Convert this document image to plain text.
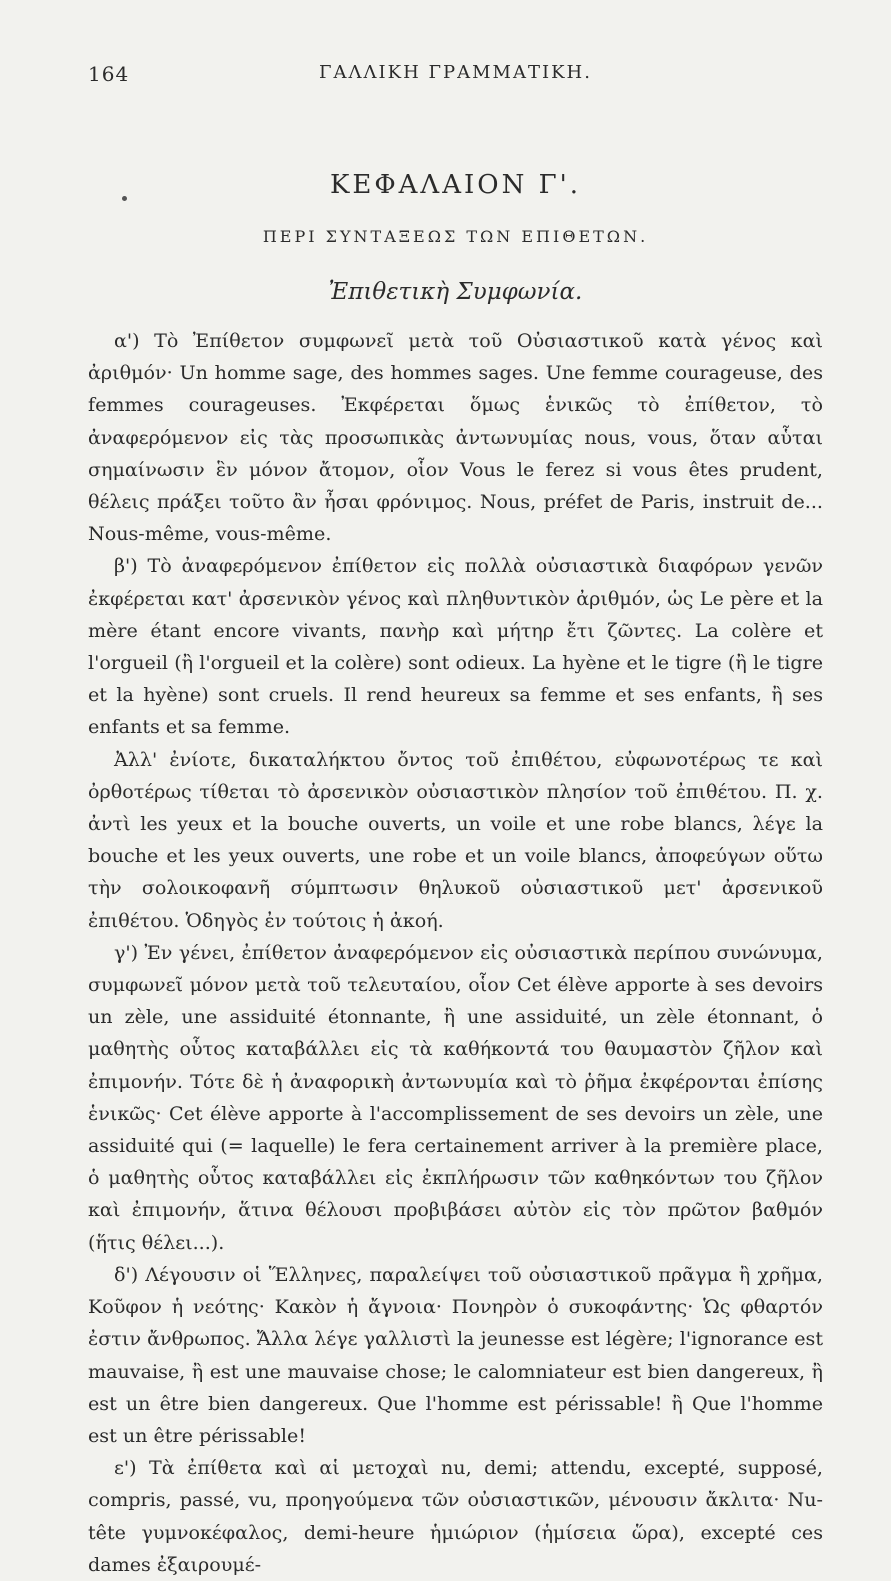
164	ΓΑΛΛΙΚΗ ΓΡΑΜΜΑΤΙΚΗ.
ΚΕΦΑΛΑΙΟΝ Γ'.
ΠΕΡΙ ΣΥΝΤΑΞΕΩΣ ΤΩΝ ΕΠΙΘΕΤΩΝ.
Ἐπιθετικὴ Συμφωνία.

α') Τὸ Ἐπίθετον συμφωνεῖ μετὰ τοῦ Οὐσιαστικοῦ κατὰ γένος καὶ ἀριθμόν· Un homme sage, des hommes sages. Une femme courageuse, des femmes courageuses. Ἐκφέρεται ὅμως ἑνικῶς τὸ ἐπίθετον, τὸ ἀναφερόμενον εἰς τὰς προσωπικὰς ἀντωνυμίας nous, vous, ὅταν αὗται σημαίνωσιν ἓν μόνον ἄτομον, οἷον Vous le ferez si vous êtes prudent, θέλεις πράξει τοῦτο ἂν ἦσαι φρόνιμος. Nous, préfet de Paris, instruit de... Nous-même, vous-même.

β') Τὸ ἀναφερόμενον ἐπίθετον εἰς πολλὰ οὐσιαστικὰ διαφόρων γενῶν ἐκφέρεται κατ' ἀρσενικὸν γένος καὶ πληθυντικὸν ἀριθμόν, ὡς Le père et la mère étant encore vivants, πανὴρ καὶ μήτηρ ἔτι ζῶντες. La colère et l'orgueil (ἢ l'orgueil et la colère) sont odieux. La hyène et le tigre (ἢ le tigre et la hyène) sont cruels. Il rend heureux sa femme et ses enfants, ἢ ses enfants et sa femme.

Ἀλλ' ἐνίοτε, δικαταλήκτου ὄντος τοῦ ἐπιθέτου, εὐφωνοτέρως τε καὶ ὀρθοτέρως τίθεται τὸ ἀρσενικὸν οὐσιαστικὸν πλησίον τοῦ ἐπιθέτου. Π. χ. ἀντὶ les yeux et la bouche ouverts, un voile et une robe blancs, λέγε la bouche et les yeux ouverts, une robe et un voile blancs, ἀποφεύγων οὕτω τὴν σολοικοφανῆ σύμπτωσιν θηλυκοῦ οὐσιαστικοῦ μετ' ἀρσενικοῦ ἐπιθέτου. Ὁδηγὸς ἐν τούτοις ἡ ἀκοή.

γ') Ἐν γένει, ἐπίθετον ἀναφερόμενον εἰς οὐσιαστικὰ περίπου συνώνυμα, συμφωνεῖ μόνον μετὰ τοῦ τελευταίου, οἷον Cet élève apporte à ses devoirs un zèle, une assiduité étonnante, ἢ une assiduité, un zèle étonnant, ὁ μαθητὴς οὗτος καταβάλλει εἰς τὰ καθήκοντά του θαυμαστὸν ζῆλον καὶ ἐπιμονήν. Τότε δὲ ἡ ἀναφορικὴ ἀντωνυμία καὶ τὸ ῥῆμα ἐκφέρονται ἐπίσης ἑνικῶς· Cet élève apporte à l'accomplissement de ses devoirs un zèle, une assiduité qui (= laquelle) le fera certainement arriver à la première place, ὁ μαθητὴς οὗτος καταβάλλει εἰς ἐκπλήρωσιν τῶν καθηκόντων του ζῆλον καὶ ἐπιμονήν, ἅτινα θέλουσι προβιβάσει αὐτὸν εἰς τὸν πρῶτον βαθμόν (ἥτις θέλει...).

δ') Λέγουσιν οἱ Ἕλληνες, παραλείψει τοῦ οὐσιαστικοῦ πρᾶγμα ἢ χρῆμα, Κοῦφον ἡ νεότης· Κακὸν ἡ ἄγνοια· Πονηρὸν ὁ συκοφάντης· Ὡς φθαρτόν ἐστιν ἄνθρωπος. Ἄλλα λέγε γαλλιστὶ la jeunesse est légère; l'ignorance est mauvaise, ἢ est une mauvaise chose; le calomniateur est bien dangereux, ἢ est un être bien dangereux. Que l'homme est périssable! ἢ Que l'homme est un être périssable!

ε') Τὰ ἐπίθετα καὶ αἱ μετοχαὶ nu, demi; attendu, excepté, supposé, compris, passé, vu, προηγούμενα τῶν οὐσιαστικῶν, μένουσιν ἄκλιτα· Nu-tête γυμνοκέφαλος, demi-heure ἡμιώριον (ἡμίσεια ὥρα), excepté ces dames ἐξαιρουμέ-
